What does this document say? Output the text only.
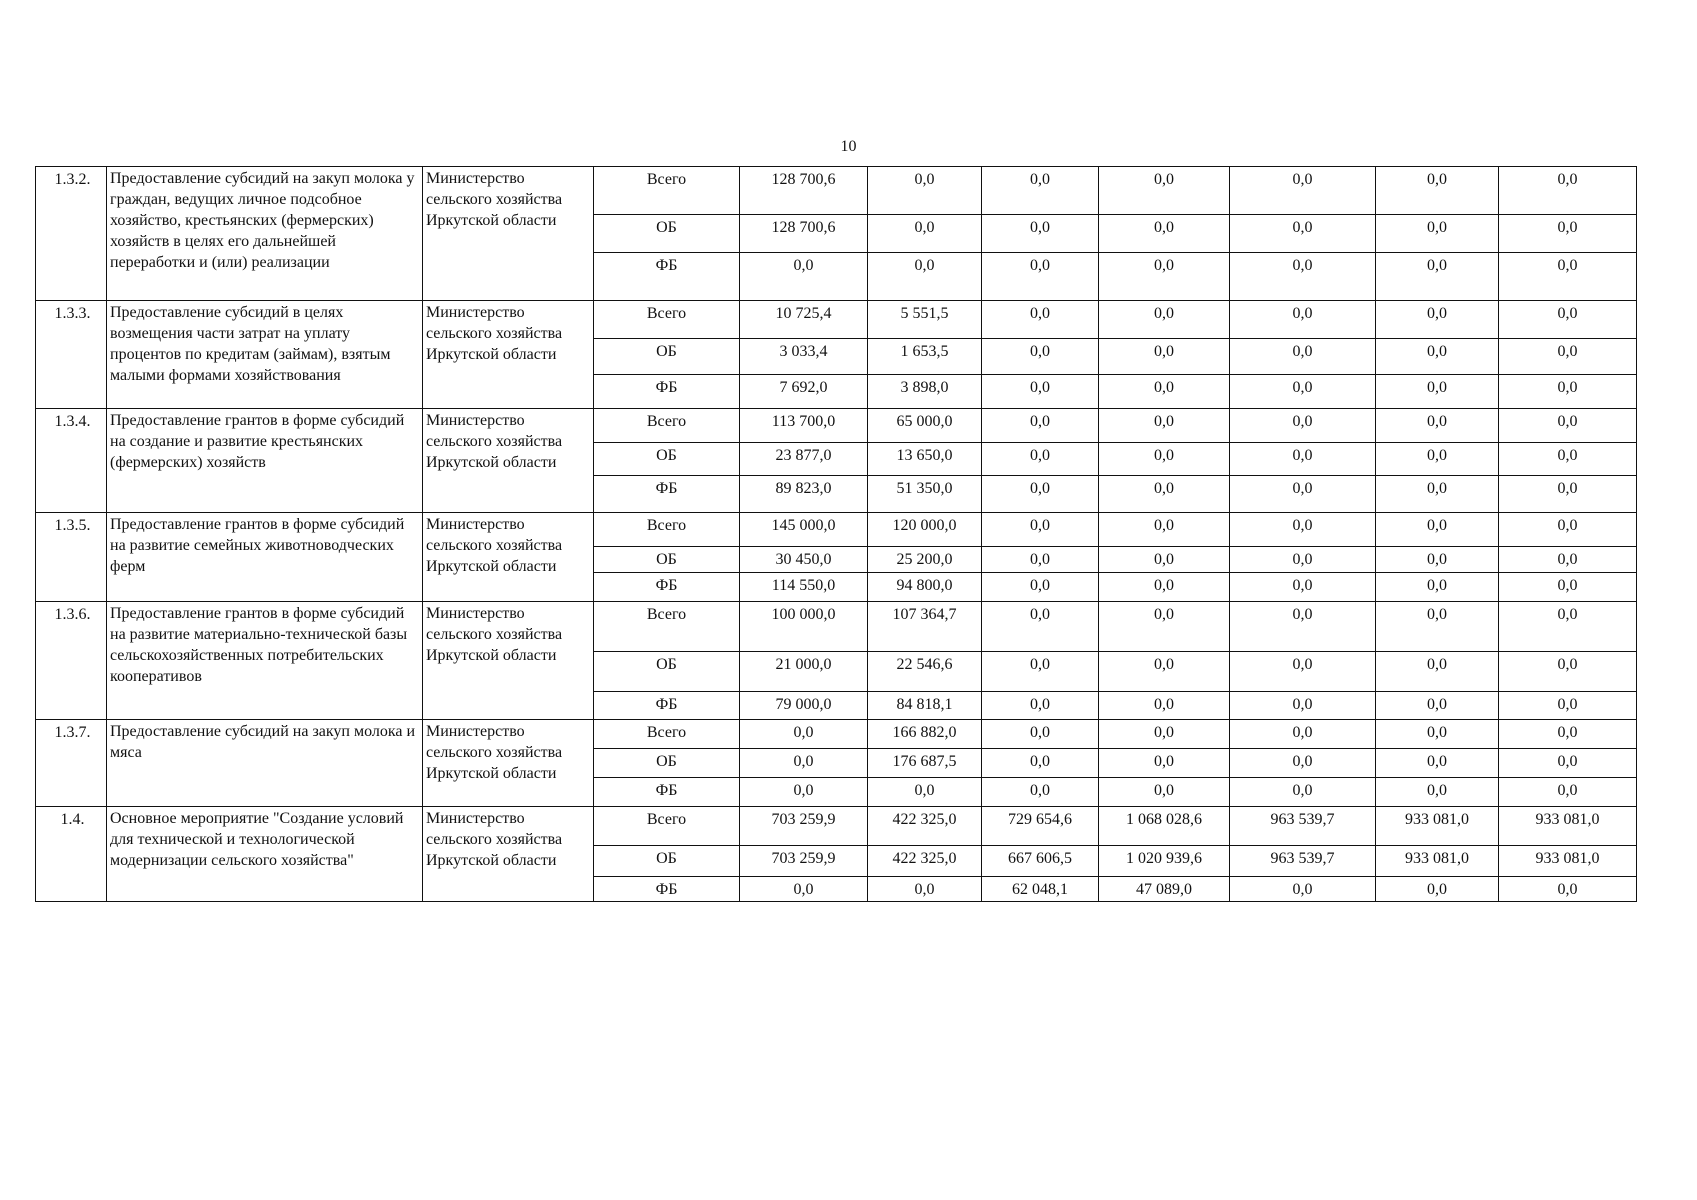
10
1.3.2.	Предоставление субсидий на закуп молока у граждан, ведущих личное подсобное хозяйство, крестьянских (фермерских) хозяйств в целях его дальнейшей переработки и (или) реализации	Министерство сельского хозяйства Иркутской области	Всего	128 700,6	0,0	0,0	0,0	0,0	0,0	0,0
			ОБ	128 700,6	0,0	0,0	0,0	0,0	0,0	0,0
			ФБ	0,0	0,0	0,0	0,0	0,0	0,0	0,0
1.3.3.	Предоставление субсидий в целях возмещения части затрат на уплату процентов по кредитам (займам), взятым малыми формами хозяйствования	Министерство сельского хозяйства Иркутской области	Всего	10 725,4	5 551,5	0,0	0,0	0,0	0,0	0,0
			ОБ	3 033,4	1 653,5	0,0	0,0	0,0	0,0	0,0
			ФБ	7 692,0	3 898,0	0,0	0,0	0,0	0,0	0,0
1.3.4.	Предоставление грантов в форме субсидий на создание и развитие крестьянских (фермерских) хозяйств	Министерство сельского хозяйства Иркутской области	Всего	113 700,0	65 000,0	0,0	0,0	0,0	0,0	0,0
			ОБ	23 877,0	13 650,0	0,0	0,0	0,0	0,0	0,0
			ФБ	89 823,0	51 350,0	0,0	0,0	0,0	0,0	0,0
1.3.5.	Предоставление грантов в форме субсидий на развитие семейных животноводческих ферм	Министерство сельского хозяйства Иркутской области	Всего	145 000,0	120 000,0	0,0	0,0	0,0	0,0	0,0
			ОБ	30 450,0	25 200,0	0,0	0,0	0,0	0,0	0,0
			ФБ	114 550,0	94 800,0	0,0	0,0	0,0	0,0	0,0
1.3.6.	Предоставление грантов в форме субсидий на развитие материально-технической базы сельскохозяйственных потребительских кооперативов	Министерство сельского хозяйства Иркутской области	Всего	100 000,0	107 364,7	0,0	0,0	0,0	0,0	0,0
			ОБ	21 000,0	22 546,6	0,0	0,0	0,0	0,0	0,0
			ФБ	79 000,0	84 818,1	0,0	0,0	0,0	0,0	0,0
1.3.7.	Предоставление субсидий на закуп молока и мяса	Министерство сельского хозяйства Иркутской области	Всего	0,0	166 882,0	0,0	0,0	0,0	0,0	0,0
			ОБ	0,0	176 687,5	0,0	0,0	0,0	0,0	0,0
			ФБ	0,0	0,0	0,0	0,0	0,0	0,0	0,0
1.4.	Основное мероприятие "Создание условий для технической и технологической модернизации сельского хозяйства"	Министерство сельского хозяйства Иркутской области	Всего	703 259,9	422 325,0	729 654,6	1 068 028,6	963 539,7	933 081,0	933 081,0
			ОБ	703 259,9	422 325,0	667 606,5	1 020 939,6	963 539,7	933 081,0	933 081,0
			ФБ	0,0	0,0	62 048,1	47 089,0	0,0	0,0	0,0
